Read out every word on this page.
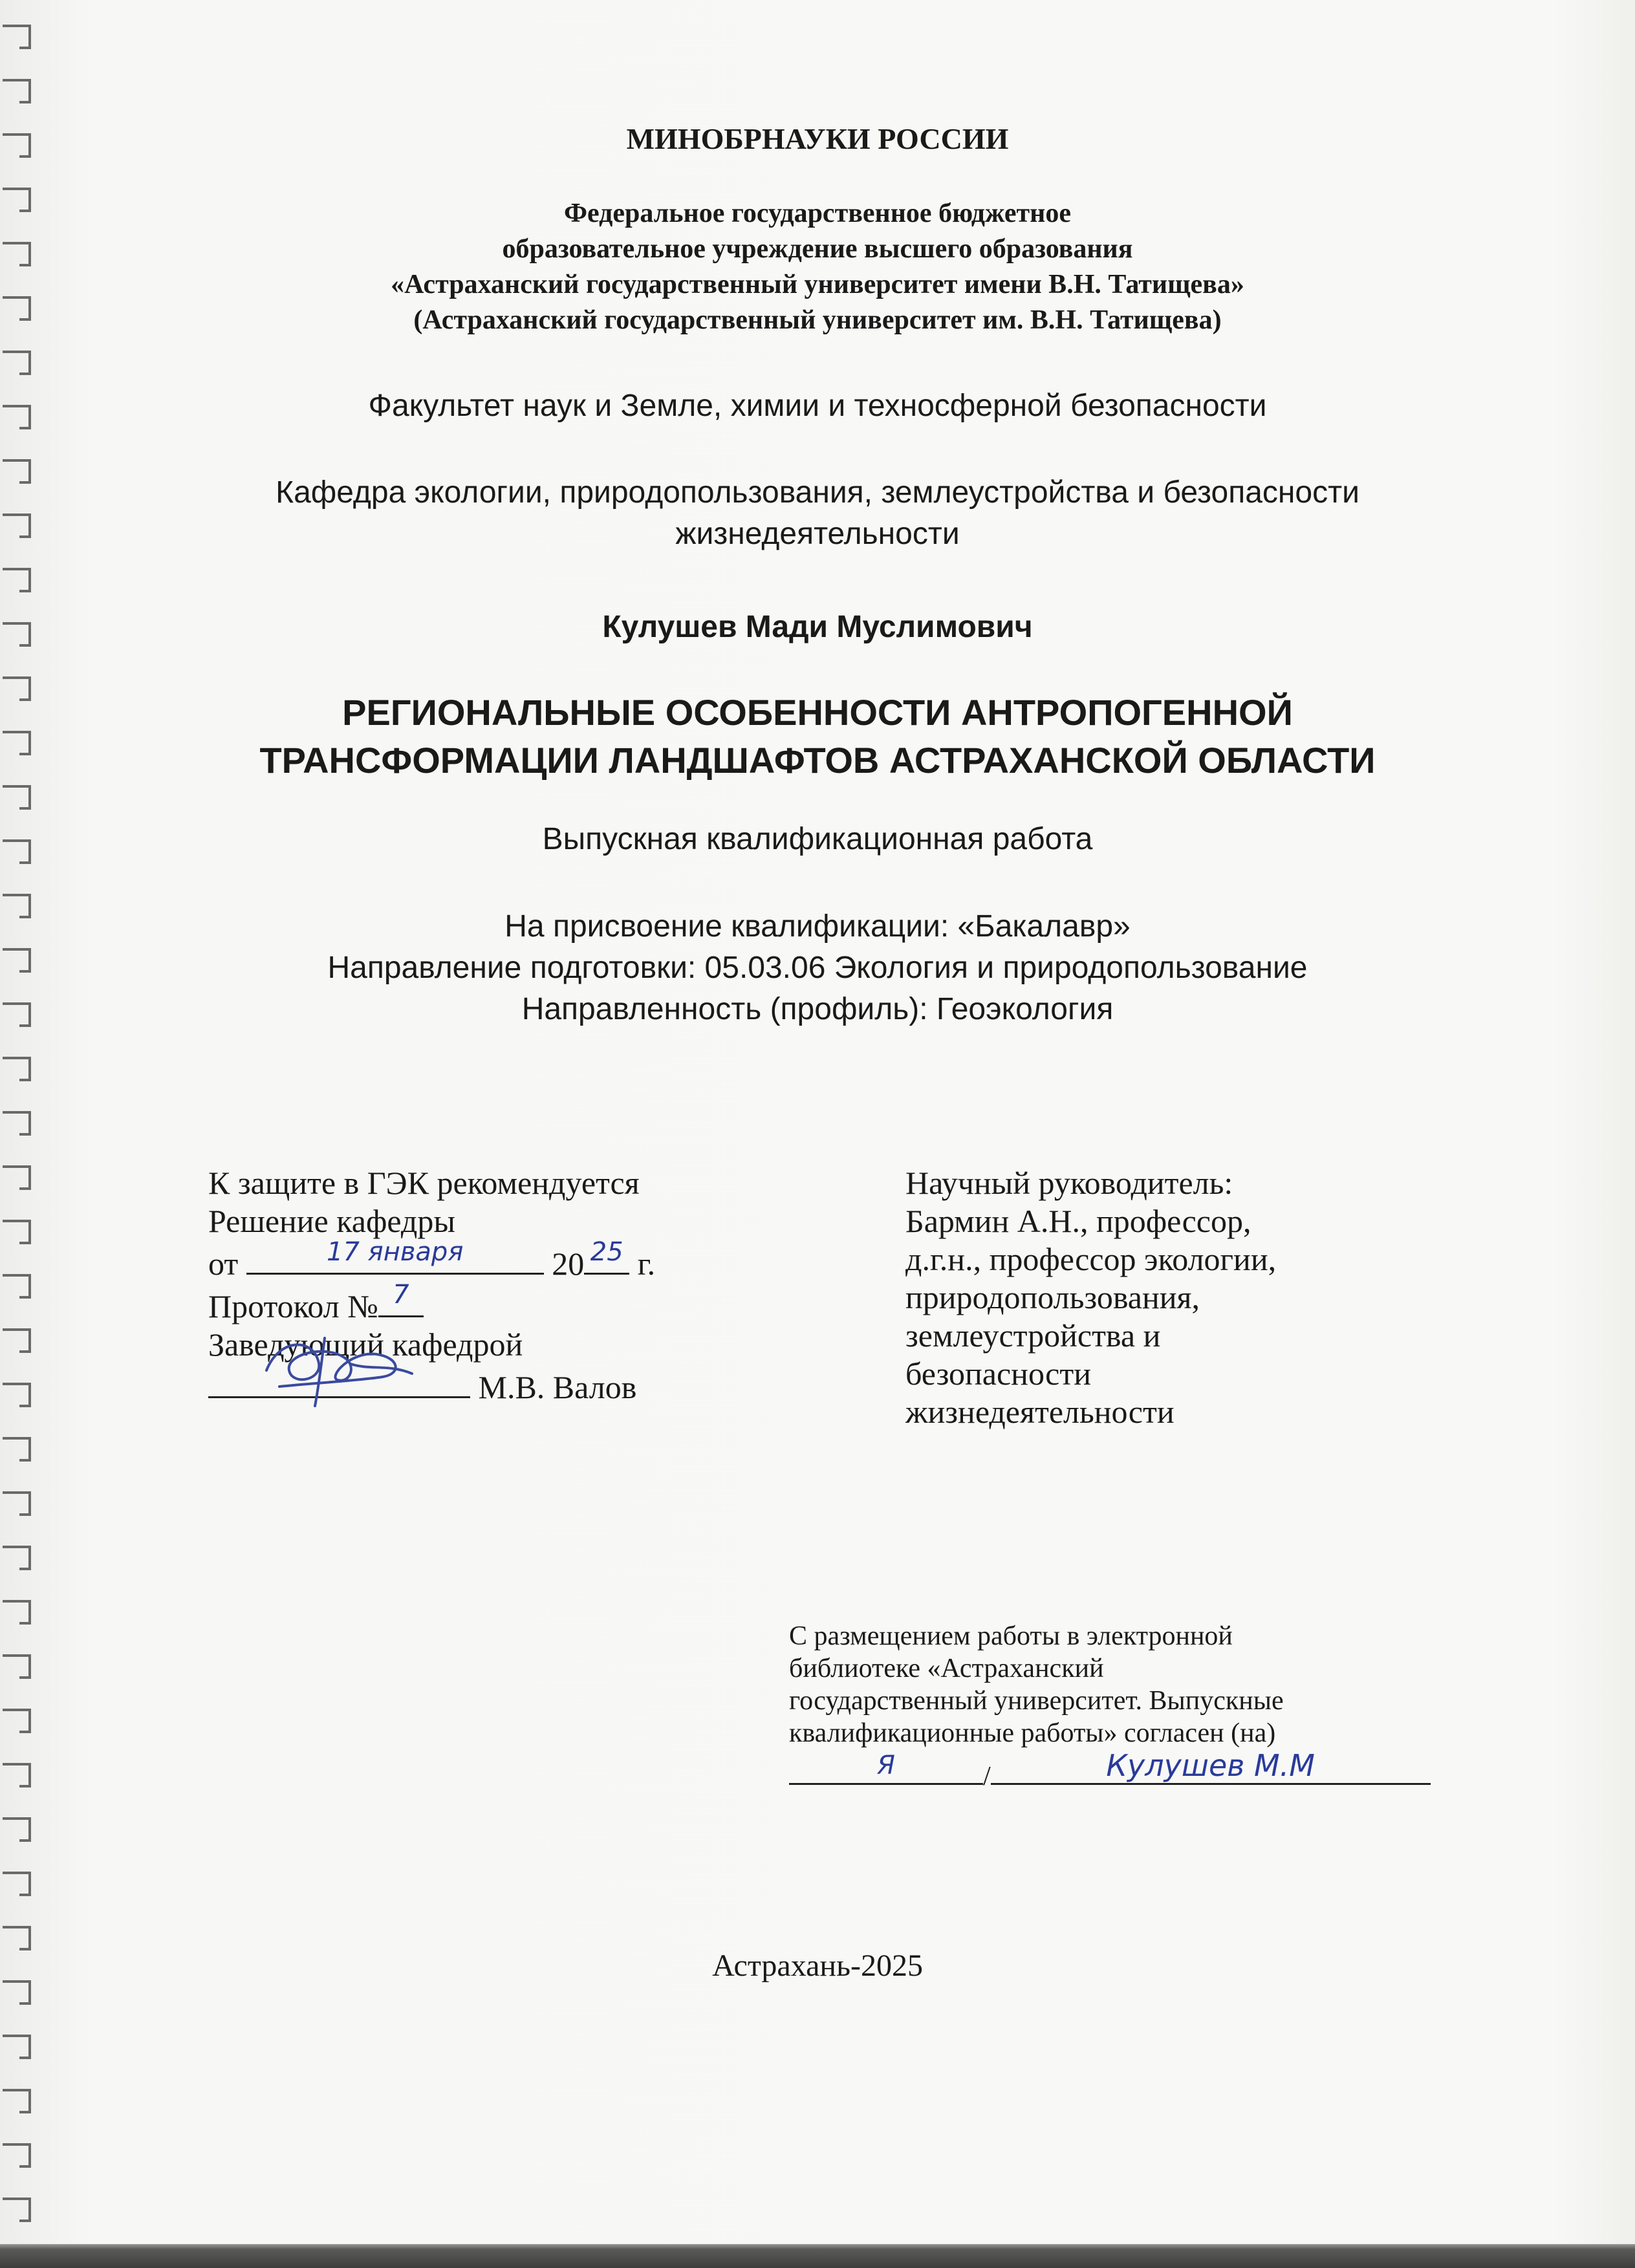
МИНОБРНАУКИ РОССИИ
Федеральное государственное бюджетное
образовательное учреждение высшего образования
«Астраханский государственный университет имени В.Н. Татищева»
(Астраханский государственный университет им. В.Н. Татищева)
Факультет наук и Земле, химии и техносферной безопасности
Кафедра экологии, природопользования, землеустройства и безопасности
жизнедеятельности
Кулушев Мади Муслимович
РЕГИОНАЛЬНЫЕ ОСОБЕННОСТИ АНТРОПОГЕННОЙ
ТРАНСФОРМАЦИИ ЛАНДШАФТОВ АСТРАХАНСКОЙ ОБЛАСТИ
Выпускная квалификационная работа
На присвоение квалификации: «Бакалавр»
Направление подготовки: 05.03.06 Экология и природопользование
Направленность (профиль): Геоэкология
К защите в ГЭК рекомендуется
Решение кафедры
от	17 января	20 25 г.
Протокол № 7
Заведующий кафедрой
М.В. Валов
Научный руководитель:
Бармин А.Н., профессор,
д.г.н., профессор экологии,
природопользования,
землеустройства и
безопасности
жизнедеятельности
С размещением работы в электронной
библиотеке «Астраханский
государственный университет. Выпускные
квалификационные работы» согласен (на)
Я	/	Кулушев М.М
Астрахань-2025
